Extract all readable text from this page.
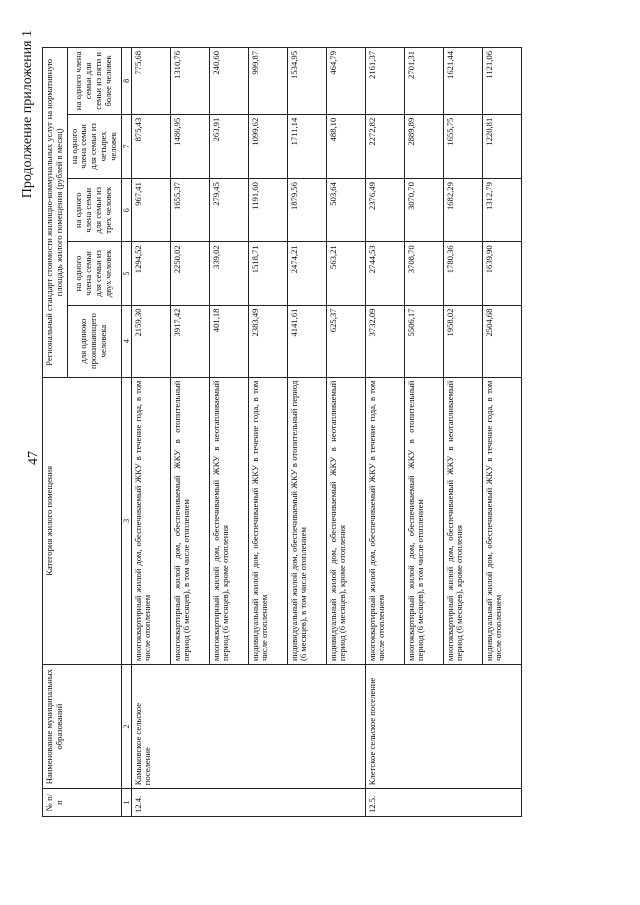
47
Продолжение приложения 1
№ п/п	Наименование муниципальных образований	Категория жилого помещения	Региональный стандарт стоимости жилищно-коммунальных услуг на нормативную площадь жилого помещения (рублей в месяц)				
			для одиноко проживающего человека	на одного члена семьи для семьи из двух человек	на одного члена семьи для семьи из трех человек	на одного члена семьи для семьи из четырех человек	на одного члена семьи для семьи из пяти и более человек
1	2	3	4	5	6	7	8
12.4.	Камыковское сельское поселение	многоквартирный жилой дом, обеспечиваемый ЖКУ в течение года, в том числе отоплением	2159,30	1294,52	967,41	875,43	775,68
		многоквартирный жилой дом, обеспечиваемый ЖКУ в отопительный период (6 месяцев), в том числе отоплением	3917,42	2250,02	1655,37	1486,95	1310,76
		многоквартирный жилой дом, обеспечиваемый ЖКУ в неотапливаемый период (6 месяцев), кроме отопления	401,18	339,02	279,45	263,91	240,60
		индивидуальный жилой дом, обеспечиваемый ЖКУ в течение года, в том числе отоплением	2383,49	1518,71	1191,60	1099,62	999,87
		индивидуальный жилой дом, обеспечиваемый ЖКУ в отопительный период (6 месяцев), в том числе отоплением	4141,61	2474,21	1879,56	1711,14	1534,95
		индивидуальный жилой дом, обеспечиваемый ЖКУ в неотапливаемый период (6 месяцев), кроме отопления	625,37	563,21	503,64	488,10	464,79
12.5.	Клетское сельское поселение	многоквартирный жилой дом, обеспечиваемый ЖКУ в течение года, в том числе отоплением	3732,09	2744,53	2376,49	2272,82	2161,37
		многоквартирный жилой дом, обеспечиваемый ЖКУ в отопительный период (6 месяцев), в том числе отоплением	5506,17	3708,70	3070,70	2889,89	2701,31
		многоквартирный жилой дом, обеспечиваемый ЖКУ в неотапливаемый период (6 месяцев), кроме отопления	1958,02	1780,36	1682,29	1655,75	1621,44
		индивидуальный жилой дом, обеспечиваемый ЖКУ в течение года, в том числе отоплением	2504,68	1639,90	1312,79	1220,81	1121,06
